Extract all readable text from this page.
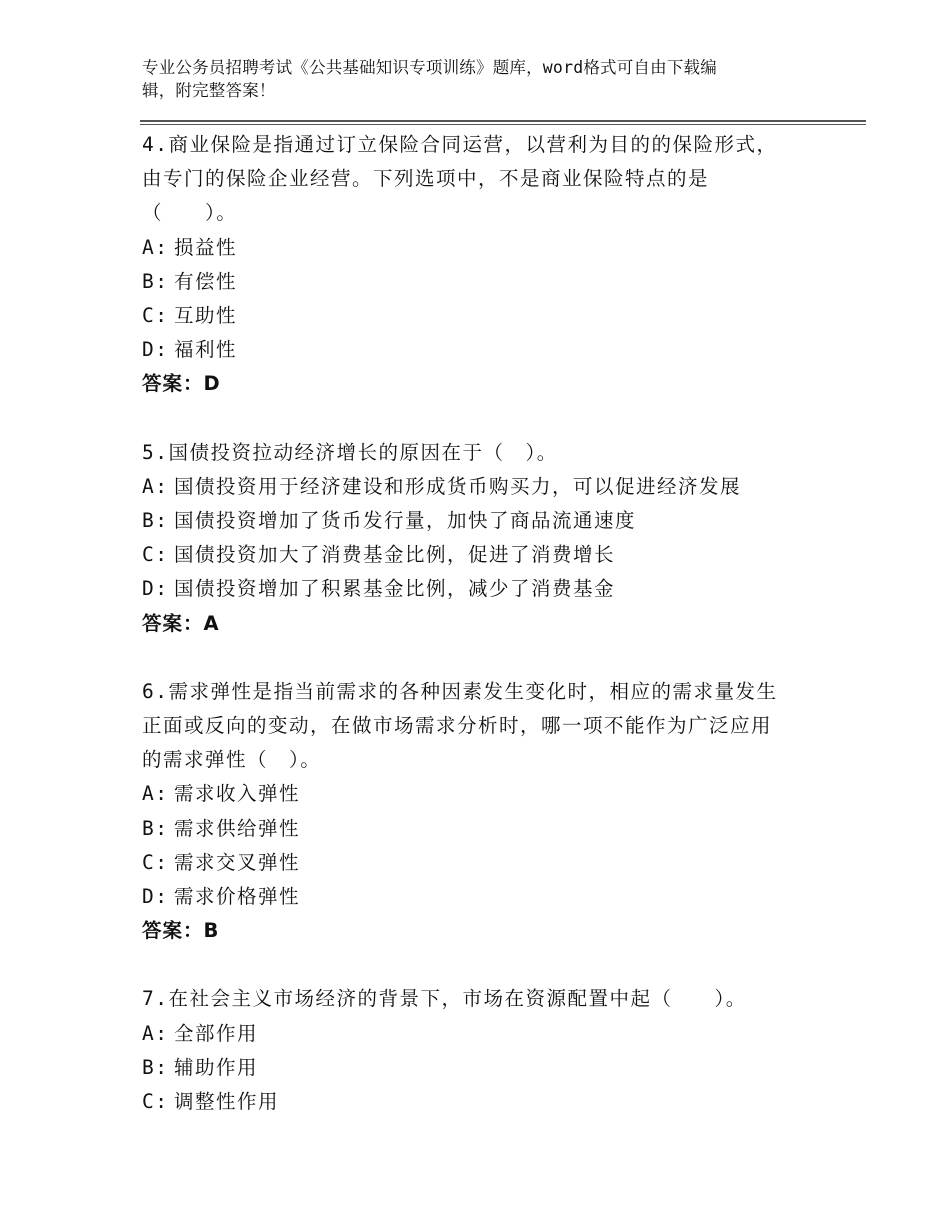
专业公务员招聘考试《公共基础知识专项训练》题库，word格式可自由下载编
辑，附完整答案！
4.商业保险是指通过订立保险合同运营，以营利为目的的保险形式，
由专门的保险企业经营。下列选项中，不是商业保险特点的是
（　　）。
A: 损益性
B: 有偿性
C: 互助性
D: 福利性
答案：D
5.国债投资拉动经济增长的原因在于（　）。
A: 国债投资用于经济建设和形成货币购买力，可以促进经济发展
B: 国债投资增加了货币发行量，加快了商品流通速度
C: 国债投资加大了消费基金比例，促进了消费增长
D: 国债投资增加了积累基金比例，减少了消费基金
答案：A
6.需求弹性是指当前需求的各种因素发生变化时，相应的需求量发生
正面或反向的变动，在做市场需求分析时，哪一项不能作为广泛应用
的需求弹性（　）。
A: 需求收入弹性
B: 需求供给弹性
C: 需求交叉弹性
D: 需求价格弹性
答案：B
7.在社会主义市场经济的背景下，市场在资源配置中起（　　）。
A: 全部作用
B: 辅助作用
C: 调整性作用
